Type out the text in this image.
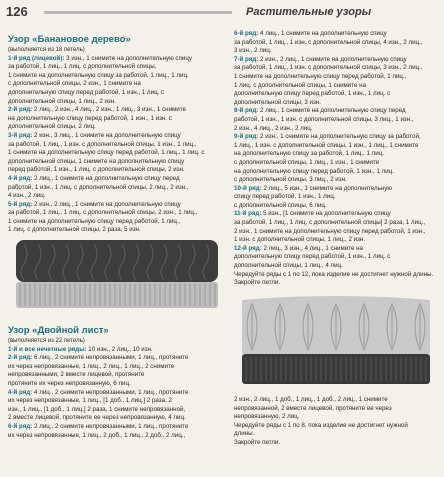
126	Растительные узоры

Узор «Банановое дерево»

(выполняется из 18 петель)

1-й ряд (лицевой): 3 изн., 1 снимите на дополнительную спицу

за работой, 1 лиц., 1 лиц. с дополнительной спицы,

1 снимите на дополнительную спицу за работой, 1 лиц., 1 лиц.

с дополнительной спицы, 2 изн., 1 снимите на

дополнительную спицу перед работой, 1 изн., 1 лиц. с

дополнительной спицы, 1 лиц., 2 изн.

2-й ряд: 2 лиц., 2 изн., 4 лиц., 2 изн., 1 лиц., 3 изн., 1 снимите

на дополнительную спицу перед работой, 1 изн., 1 изн. с

дополнительной спицы, 2 лиц.

3-й ряд: 2 изн., 3 лиц., 1 снимите на дополнительную спицу

за работой, 1 лиц., 1 изн. с дополнительной спицы, 1 изн., 1 лиц.,

1 снимите на дополнительную спицу перед работой, 1 лиц., 1 лиц. с

дополнительной спицы, 1 снимите на дополнительную спицу

перед работой, 1 изн., 1 лиц. с дополнительной спицы, 2 изн.

4-й ряд: 2 лиц., 1 снимите на дополнительную спицу перед

работой, 1 изн., 1 лиц. с дополнительной спицы, 2 лиц., 2 изн.,

4 изн., 2 лиц.

5-й ряд: 2 изн., 2 лиц., 1 снимите на дополнительную спицу

за работой, 1 лиц., 1 лиц. с дополнительной спицы, 2 изн., 1 лиц.,

1 снимите на дополнительную спицу перед работой, 1 лиц.,

1 лиц. с дополнительной спицы, 2 раза, 5 изн.

6-й ряд: 4 лиц., 1 снимите на дополнительную спицу

за работой, 1 лиц., 1 изн. с дополнительной спицы, 4 изн., 2 лиц.,

3 изн., 2 лиц.

7-й ряд: 2 изн., 2 лиц., 1 снимите на дополнительную спицу

за работой, 1 лиц., 1 изн. с дополнительной спицы, 3 изн., 2 лиц.,

1 снимите на дополнительную спицу перед работой, 1 лиц.,

1 лиц. с дополнительной спицы, 1 снимите на

дополнительную спицу перед работой, 1 изн., 1 лиц. с

дополнительной спицы, 3 изн.

8-й ряд: 2 лиц., 1 снимите на дополнительную спицу перед

работой, 1 изн., 1 изн. с дополнительной спицы, 3 лиц., 1 изн.,

2 изн., 4 лиц., 2 изн., 2 лиц.

9-й ряд: 2 изн., 1 снимите на дополнительную спицу за работой,

1 лиц., 1 изн. с дополнительной спицы, 1 изн., 1 лиц., 1 снимите

на дополнительную спицу за работой, 1 лиц., 1 лиц.

с дополнительной спицы, 1 лиц., 1 изн., 1 снимите

на дополнительную спицу перед работой, 1 изн., 1 лиц.

с дополнительной спицы, 3 лиц., 2 изн.

10-й ряд: 2 лиц., 5 изн., 1 снимите на дополнительную

спицу перед работой, 1 изн., 1 лиц.

с дополнительной спицы, 6 лиц.

11-й ряд: 5 изн., [1 снимите на дополнительную спицу

за работой, 1 лиц., 1 лиц. с дополнительной спицы] 2 раза, 1 лиц.,

2 изн., 1 снимите на дополнительную спицу перед работой, 1 изн.,

1 изн. с дополнительной спицы, 1 лиц., 2 изн.

12-й ряд: 2 лиц., 3 изн., 4 лиц., 1 снимите на

дополнительную спицу перед работой, 1 изн., 1 лиц. с

дополнительной спицы, 1 лиц., 4 лиц.

Чередуйте ряды с 1 по 12, пока изделие не достигнет нужной длины.

Закройте петли.

Узор «Двойной лист»

(выполняется из 22 петель)

1-й и все нечетные ряды: 10 изн., 2 лиц., 10 изн.

2-й ряд: 6 лиц., 2 снимите непровязанными, 1 лиц., протяните

их через непровязанные, 1 лиц., 2 лиц., 1 лиц., 2 снимите

непровязанными, 2 вместе лицевой, протяните

протяните их через непровязанную, 6 лиц.

4-й ряд: 4 лиц., 2 снимите непровязанными, 1 лиц., протяните

их через непровязанные, 1 лиц., [1 доб., 1 лиц.] 2 раза, 2

изн., 1 лиц., [1 доб., 1 лиц.] 2 раза, 1 снимите непровязанной,

2 вместе лицевой, протяните ее через непровязанную, 4 лиц.

6-й ряд: 2 лиц., 2 снимите непровязанными, 1 лиц., протяните

их через непровязанные, 1 лиц., 2 доб., 1 лиц., 2 доб., 2 лиц.,

2 изн., 2 лиц., 1 доб., 1 лиц., 1 доб., 2 лиц., 1 снимите

непровязанной, 2 вместе лицевой, протяните ее через

непровязанную, 2 лиц.

Чередуйте ряды с 1 по 8, пока изделие не достигнет нужной

длины.

Закройте петли.
